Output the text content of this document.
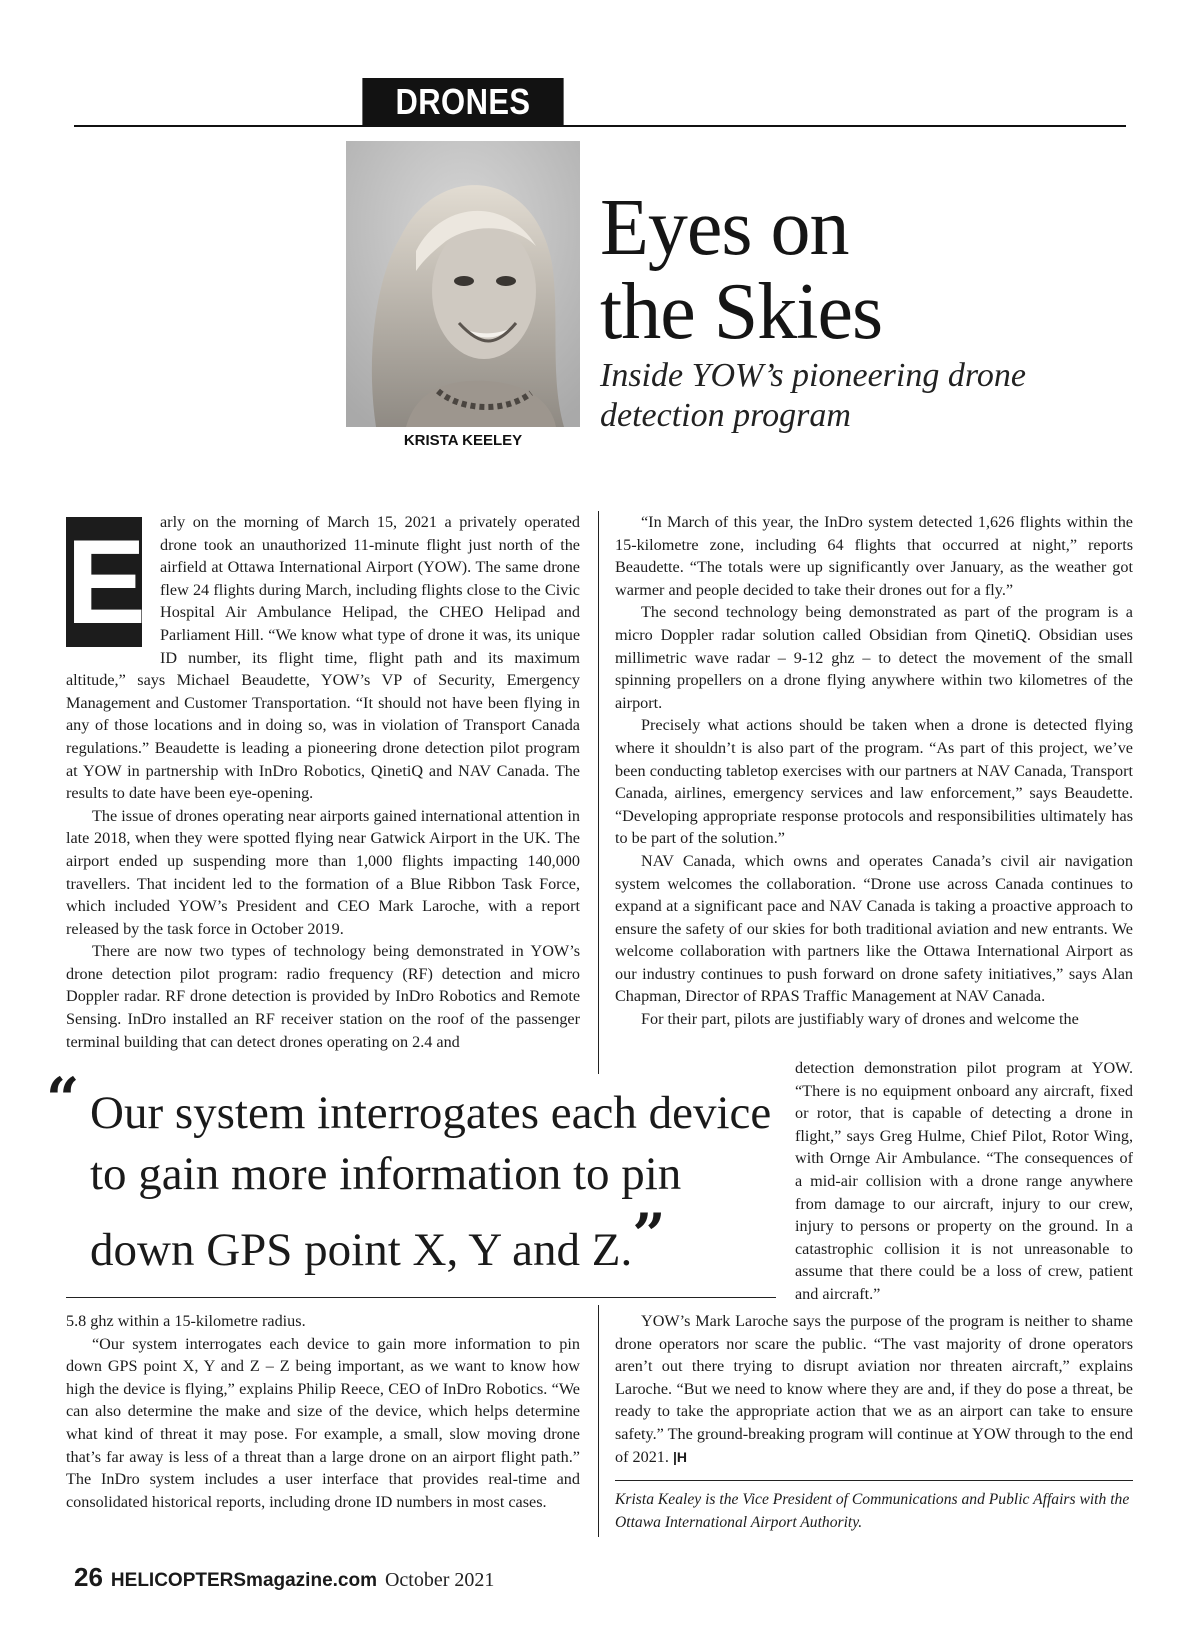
DRONES
KRISTA KEELEY
Eyes on
the Skies

Inside YOW’s pioneering drone detection program

E arly on the morning of March 15, 2021 a privately operated drone took an unauthorized 11-minute flight just north of the airfield at Ottawa International Airport (YOW). The same drone flew 24 flights during March, including flights close to the Civic Hospital Air Ambulance Helipad, the CHEO Helipad and Parliament Hill. “We know what type of drone it was, its unique ID number, its flight time, flight path and its maximum altitude,” says Michael Beaudette, YOW’s VP of Security, Emergency Management and Customer Transportation. “It should not have been flying in any of those locations and in doing so, was in violation of Transport Canada regulations.” Beaudette is leading a pioneering drone detection pilot program at YOW in partnership with InDro Robotics, QinetiQ and NAV Canada. The results to date have been eye-opening.

The issue of drones operating near airports gained international attention in late 2018, when they were spotted flying near Gatwick Airport in the UK. The airport ended up suspending more than 1,000 flights impacting 140,000 travellers. That incident led to the formation of a Blue Ribbon Task Force, which included YOW’s President and CEO Mark Laroche, with a report released by the task force in October 2019.

There are now two types of technology being demonstrated in YOW’s drone detection pilot program: radio frequency (RF) detection and micro Doppler radar. RF drone detection is provided by InDro Robotics and Remote Sensing. InDro installed an RF receiver station on the roof of the passenger terminal building that can detect drones operating on 2.4 and

“In March of this year, the InDro system detected 1,626 flights within the 15-kilometre zone, including 64 flights that occurred at night,” reports Beaudette. “The totals were up significantly over January, as the weather got warmer and people decided to take their drones out for a fly.”

The second technology being demonstrated as part of the program is a micro Doppler radar solution called Obsidian from QinetiQ. Obsidian uses millimetric wave radar – 9-12 ghz – to detect the movement of the small spinning propellers on a drone flying anywhere within two kilometres of the airport.

Precisely what actions should be taken when a drone is detected flying where it shouldn’t is also part of the program. “As part of this project, we’ve been conducting tabletop exercises with our partners at NAV Canada, Transport Canada, airlines, emergency services and law enforcement,” says Beaudette. “Developing appropriate response protocols and responsibilities ultimately has to be part of the solution.”

NAV Canada, which owns and operates Canada’s civil air navigation system welcomes the collaboration. “Drone use across Canada continues to expand at a significant pace and NAV Canada is taking a proactive approach to ensure the safety of our skies for both traditional aviation and new entrants. We welcome collaboration with partners like the Ottawa International Airport as our industry continues to push forward on drone safety initiatives,” says Alan Chapman, Director of RPAS Traffic Management at NAV Canada.

For their part, pilots are justifiably wary of drones and welcome the

detection demonstration pilot program at YOW. “There is no equipment onboard any aircraft, fixed or rotor, that is capable of detecting a drone in flight,” says Greg Hulme, Chief Pilot, Rotor Wing, with Ornge Air Ambulance. “The consequences of a mid-air collision with a drone range anywhere from damage to our aircraft, injury to our crew, injury to persons or property on the ground. In a catastrophic collision it is not unreasonable to assume that there could be a loss of crew, patient and aircraft.”

“ Our system interrogates each device to gain more information to pin down GPS point X, Y and Z.”

5.8 ghz within a 15-kilometre radius.

“Our system interrogates each device to gain more information to pin down GPS point X, Y and Z – Z being important, as we want to know how high the device is flying,” explains Philip Reece, CEO of InDro Robotics. “We can also determine the make and size of the device, which helps determine what kind of threat it may pose. For example, a small, slow moving drone that’s far away is less of a threat than a large drone on an airport flight path.” The InDro system includes a user interface that provides real-time and consolidated historical reports, including drone ID numbers in most cases.

YOW’s Mark Laroche says the purpose of the program is neither to shame drone operators nor scare the public. “The vast majority of drone operators aren’t out there trying to disrupt aviation nor threaten aircraft,” explains Laroche. “But we need to know where they are and, if they do pose a threat, be ready to take the appropriate action that we as an airport can take to ensure safety.” The ground-breaking program will continue at YOW through to the end of 2021. |H

Krista Kealey is the Vice President of Communications and Public Affairs with the Ottawa International Airport Authority.

26 HELICOPTERSmagazine.com October 2021
